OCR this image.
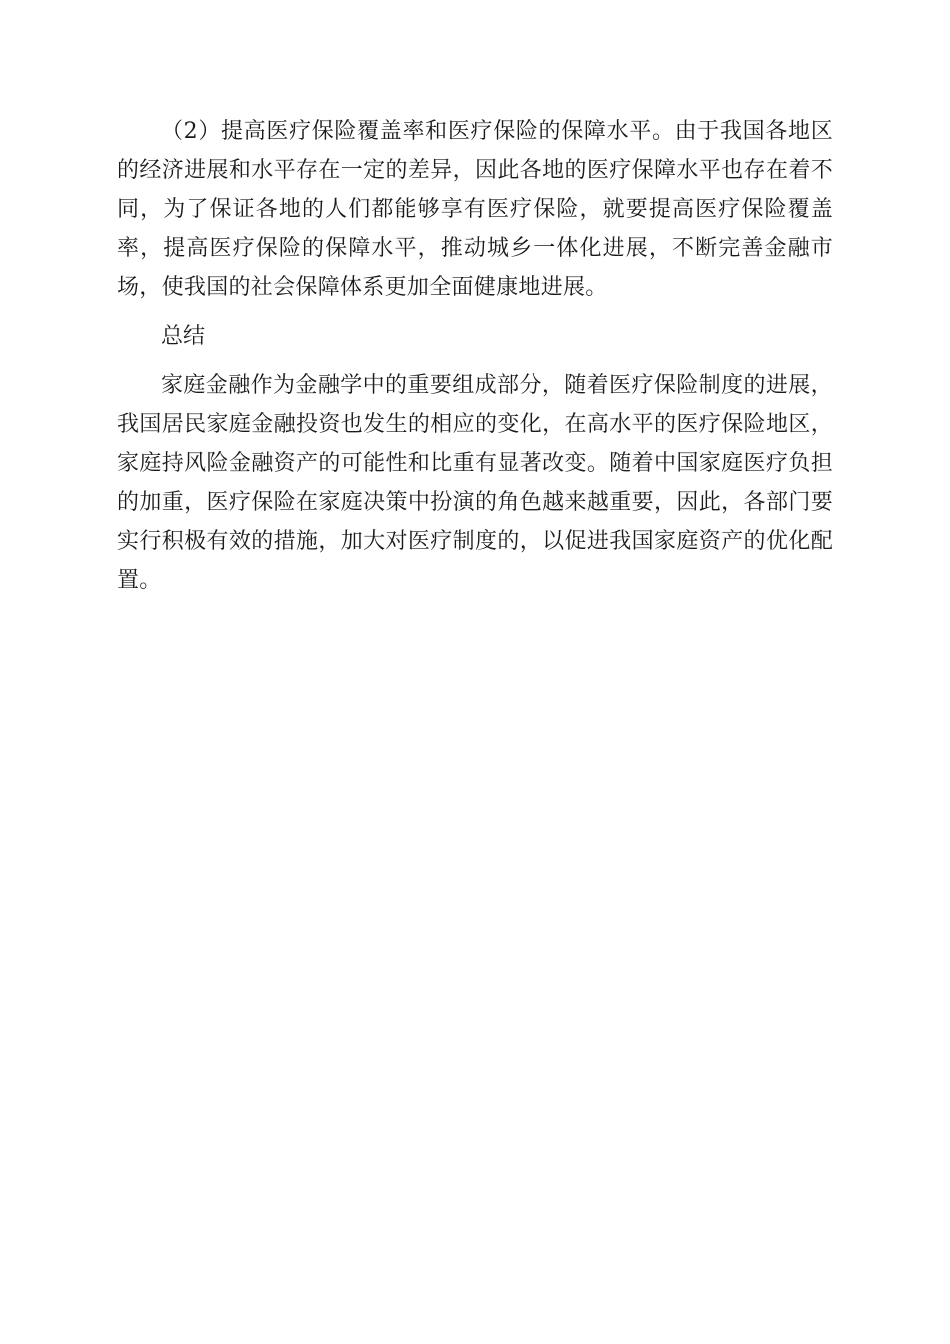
（2）提高医疗保险覆盖率和医疗保险的保障水平。由于我国各地区的经济进展和水平存在一定的差异，因此各地的医疗保障水平也存在着不同，为了保证各地的人们都能够享有医疗保险，就要提高医疗保险覆盖率，提高医疗保险的保障水平，推动城乡一体化进展，不断完善金融市场，使我国的社会保障体系更加全面健康地进展。

总结

家庭金融作为金融学中的重要组成部分，随着医疗保险制度的进展，我国居民家庭金融投资也发生的相应的变化，在高水平的医疗保险地区，家庭持风险金融资产的可能性和比重有显著改变。随着中国家庭医疗负担的加重，医疗保险在家庭决策中扮演的角色越来越重要，因此，各部门要实行积极有效的措施，加大对医疗制度的，以促进我国家庭资产的优化配置。
